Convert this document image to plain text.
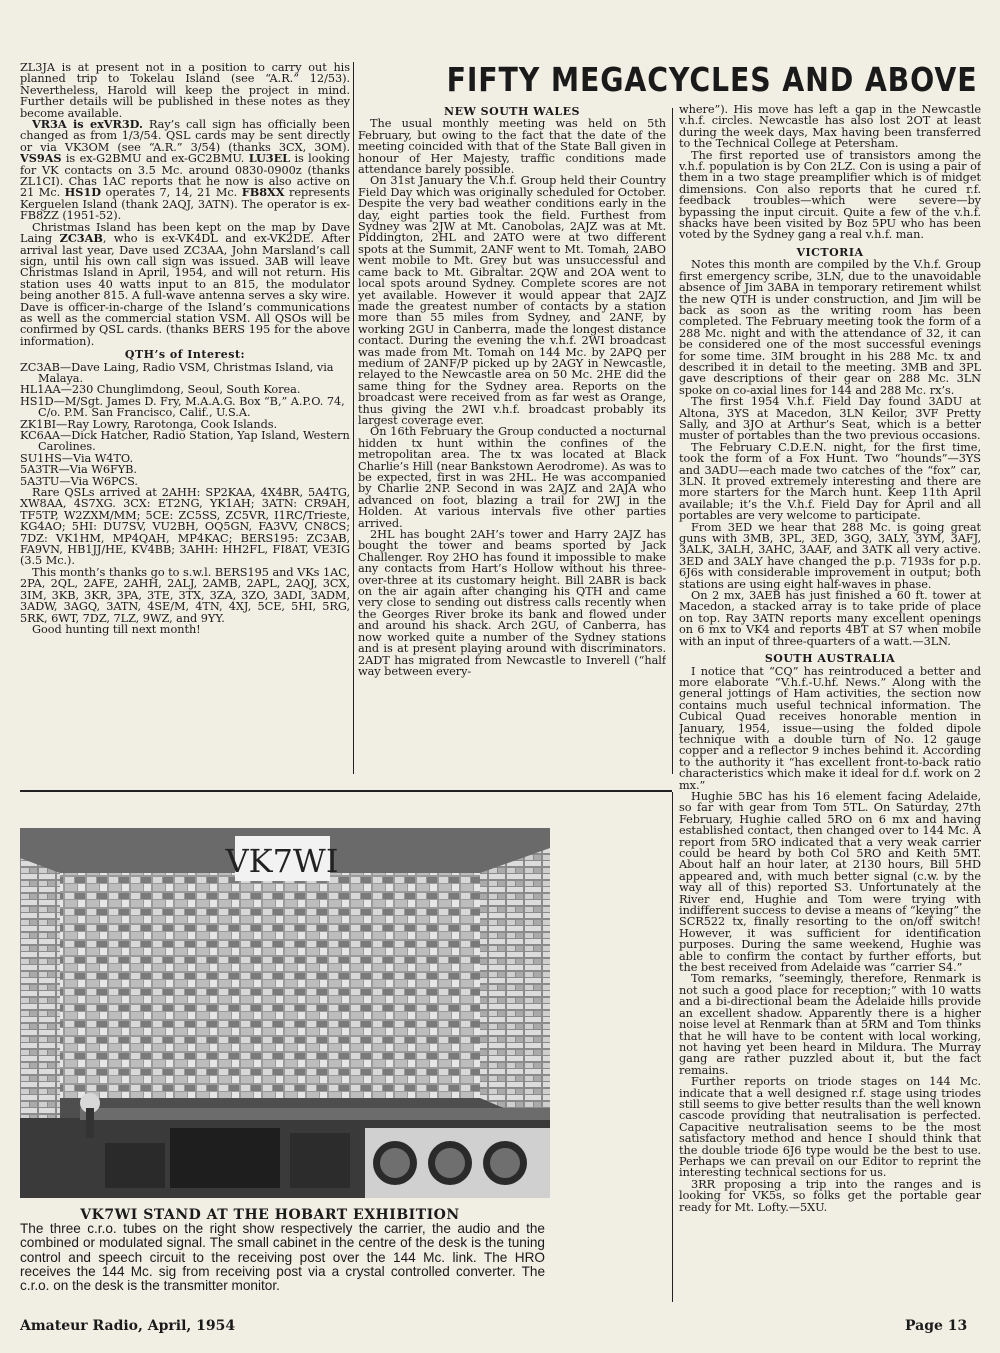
ZL3JA is at present not in a position to carry out his planned trip to Tokelau Island (see “A.R.” 12/53). Nevertheless, Harold will keep the project in mind. Further details will be published in these notes as they become available.

VR3A is exVR3D. Ray’s call sign has officially been changed as from 1/3/54. QSL cards may be sent directly or via VK3OM (see “A.R.” 3/54) (thanks 3CX, 3OM). VS9AS is ex-G2BMU and ex-GC2BMU. LU3EL is looking for VK contacts on 3.5 Mc. around 0830-0900z (thanks ZL1CI). Chas 1AC reports that he now is also active on 21 Mc. HS1D operates 7, 14, 21 Mc. FB8XX represents Kerguelen Island (thank 2AQJ, 3ATN). The operator is ex-FB8ZZ (1951-52).

Christmas Island has been kept on the map by Dave Laing ZC3AB, who is ex-VK4DL and ex-VK2DE. After arrival last year, Dave used ZC3AA, John Marsland’s call sign, until his own call sign was issued. 3AB will leave Christmas Island in April, 1954, and will not return. His station uses 40 watts input to an 815, the modulator being another 815. A full-wave antenna serves a sky wire. Dave is officer-in-charge of the Island’s communications as well as the commercial station VSM. All QSOs will be confirmed by QSL cards. (thanks BERS 195 for the above information).

QTH’s of Interest:

ZC3AB—Dave Laing, Radio VSM, Christmas Island, via Malaya.

HL1AA—230 Chunglimdong, Seoul, South Korea.

HS1D—M/Sgt. James D. Fry, M.A.A.G. Box “B,” A.P.O. 74, C/o. P.M. San Francisco, Calif., U.S.A.

ZK1BI—Ray Lowry, Rarotonga, Cook Islands.

KC6AA—Dick Hatcher, Radio Station, Yap Island, Western Carolines.

SU1HS—Via W4TO.

5A3TR—Via W6FYB.

5A3TU—Via W6PCS.

Rare QSLs arrived at 2AHH: SP2KAA, 4X4BR, 5A4TG, XW8AA, 4S7XG. 3CX: ET2NG, YK1AH; 3ATN: CR9AH, TF5TP, W2ZXM/MM; 5CE: ZC5SS, ZC5VR, I1RC/Trieste, KG4AO; 5HI: DU7SV, VU2BH, OQ5GN, FA3VV, CN8CS; 7DZ: VK1HM, MP4QAH, MP4KAC; BERS195: ZC3AB, FA9VN, HB1JJ/HE, KV4BB; 3AHH: HH2FL, FI8AT, VE3IG (3.5 Mc.).

This month’s thanks go to s.w.l. BERS195 and VKs 1AC, 2PA, 2QL, 2AFE, 2AHH, 2ALJ, 2AMB, 2APL, 2AQJ, 3CX, 3IM, 3KB, 3KR, 3PA, 3TE, 3TX, 3ZA, 3ZO, 3ADI, 3ADM, 3ADW, 3AGQ, 3ATN, 4SE/M, 4TN, 4XJ, 5CE, 5HI, 5RG, 5RK, 6WT, 7DZ, 7LZ, 9WZ, and 9YY.

Good hunting till next month!

FIFTY MEGACYCLES AND ABOVE
NEW SOUTH WALES

The usual monthly meeting was held on 5th February, but owing to the fact that the date of the meeting coincided with that of the State Ball given in honour of Her Majesty, traffic conditions made attendance barely possible.

On 31st January the V.h.f. Group held their Country Field Day which was originally scheduled for October. Despite the very bad weather conditions early in the day, eight parties took the field. Furthest from Sydney was 2JW at Mt. Canobolas, 2AJZ was at Mt. Piddington, 2HL and 2ATO were at two different spots at the Summit, 2ANF went to Mt. Tomah, 2ABO went mobile to Mt. Grey but was unsuccessful and came back to Mt. Gibraltar. 2QW and 2OA went to local spots around Sydney. Complete scores are not yet available. However it would appear that 2AJZ made the greatest number of contacts by a station more than 55 miles from Sydney, and 2ANF, by working 2GU in Canberra, made the longest distance contact. During the evening the v.h.f. 2WI broadcast was made from Mt. Tomah on 144 Mc. by 2APQ per medium of 2ANF/P picked up by 2AGY in Newcastle, relayed to the Newcastle area on 50 Mc. 2HE did the same thing for the Sydney area. Reports on the broadcast were received from as far west as Orange, thus giving the 2WI v.h.f. broadcast probably its largest coverage ever.

On 16th February the Group conducted a nocturnal hidden tx hunt within the confines of the metropolitan area. The tx was located at Black Charlie’s Hill (near Bankstown Aerodrome). As was to be expected, first in was 2HL. He was accompanied by Charlie 2NP. Second in was 2AJZ and 2AJA who advanced on foot, blazing a trail for 2WJ in the Holden. At various intervals five other parties arrived.

2HL has bought 2AH’s tower and Harry 2AJZ has bought the tower and beams sported by Jack Challenger. Roy 2HO has found it impossible to make any contacts from Hart’s Hollow without his three-over-three at its customary height. Bill 2ABR is back on the air again after changing his QTH and came very close to sending out distress calls recently when the Georges River broke its bank and flowed under and around his shack. Arch 2GU, of Canberra, has now worked quite a number of the Sydney stations and is at present playing around with discriminators. 2ADT has migrated from Newcastle to Inverell (“half way between every-

where”). His move has left a gap in the Newcastle v.h.f. circles. Newcastle has also lost 2OT at least during the week days, Max having been transferred to the Technical College at Petersham.

The first reported use of transistors among the v.h.f. population is by Con 2LZ. Con is using a pair of them in a two stage preamplifier which is of midget dimensions. Con also reports that he cured r.f. feedback troubles—which were severe—by bypassing the input circuit. Quite a few of the v.h.f. shacks have been visited by Boz 5PU who has been voted by the Sydney gang a real v.h.f. man.

VICTORIA

Notes this month are compiled by the V.h.f. Group first emergency scribe, 3LN, due to the unavoidable absence of Jim 3ABA in temporary retirement whilst the new QTH is under construction, and Jim will be back as soon as the writing room has been completed. The February meeting took the form of a 288 Mc. night and with the attendance of 32, it can be considered one of the most successful evenings for some time. 3IM brought in his 288 Mc. tx and described it in detail to the meeting. 3MB and 3PL gave descriptions of their gear on 288 Mc. 3LN spoke on co-axial lines for 144 and 288 Mc. rx’s.

The first 1954 V.h.f. Field Day found 3ADU at Altona, 3YS at Macedon, 3LN Keilor, 3VF Pretty Sally, and 3JO at Arthur’s Seat, which is a better muster of portables than the two previous occasions.

The February C.D.E.N. night, for the first time, took the form of a Fox Hunt. Two “hounds”—3YS and 3ADU—each made two catches of the “fox” car, 3LN. It proved extremely interesting and there are more starters for the March hunt. Keep 11th April available; it’s the V.h.f. Field Day for April and all portables are very welcome to participate.

From 3ED we hear that 288 Mc. is going great guns with 3MB, 3PL, 3ED, 3GQ, 3ALY, 3YM, 3AFJ, 3ALK, 3ALH, 3AHC, 3AAF, and 3ATK all very active. 3ED and 3ALY have changed the p.p. 7193s for p.p. 6J6s with considerable improvement in output; both stations are using eight half-waves in phase.

On 2 mx, 3AEB has just finished a 60 ft. tower at Macedon, a stacked array is to take pride of place on top. Ray 3ATN reports many excellent openings on 6 mx to VK4 and reports 4BT at S7 when mobile with an input of three-quarters of a watt.—3LN.

SOUTH AUSTRALIA

I notice that “CQ” has reintroduced a better and more elaborate “V.h.f.-U.hf. News.” Along with the general jottings of Ham activities, the section now contains much useful technical information. The Cubical Quad receives honorable mention in January, 1954, issue—using the folded dipole technique with a double turn of No. 12 gauge copper and a reflector 9 inches behind it. According to the authority it “has excellent front-to-back ratio characteristics which make it ideal for d.f. work on 2 mx.”

Hughie 5BC has his 16 element facing Adelaide, so far with gear from Tom 5TL. On Saturday, 27th February, Hughie called 5RO on 6 mx and having established contact, then changed over to 144 Mc. A report from 5RO indicated that a very weak carrier could be heard by both Col 5RO and Keith 5MT. About half an hour later, at 2130 hours, Bill 5HD appeared and, with much better signal (c.w. by the way all of this) reported S3. Unfortunately at the River end, Hughie and Tom were trying with indifferent success to devise a means of “keying” the SCR522 tx, finally resorting to the on/off switch! However, it was sufficient for identification purposes. During the same weekend, Hughie was able to confirm the contact by further efforts, but the best received from Adelaide was “carrier S4.”

Tom remarks, “seemingly, therefore, Renmark is not such a good place for reception;” with 10 watts and a bi-directional beam the Adelaide hills provide an excellent shadow. Apparently there is a higher noise level at Renmark than at 5RM and Tom thinks that he will have to be content with local working, not having yet been heard in Mildura. The Murray gang are rather puzzled about it, but the fact remains.

Further reports on triode stages on 144 Mc. indicate that a well designed r.f. stage using triodes still seems to give better results than the well known cascode providing that neutralisation is perfected. Capacitive neutralisation seems to be the most satisfactory method and hence I should think that the double triode 6J6 type would be the best to use. Perhaps we can prevail on our Editor to reprint the interesting technical sections for us.

3RR proposing a trip into the ranges and is looking for VK5s, so folks get the portable gear ready for Mt. Lofty.—5XU.

VK7WI
VK7WI STAND AT THE HOBART EXHIBITION
The three c.r.o. tubes on the right show respectively the carrier, the audio and the combined or modulated signal. The small cabinet in the centre of the desk is the tuning control and speech circuit to the receiving post over the 144 Mc. link. The HRO receives the 144 Mc. sig from receiving post via a crystal controlled converter. The c.r.o. on the desk is the transmitter monitor.
Amateur Radio, April, 1954	Page 13
